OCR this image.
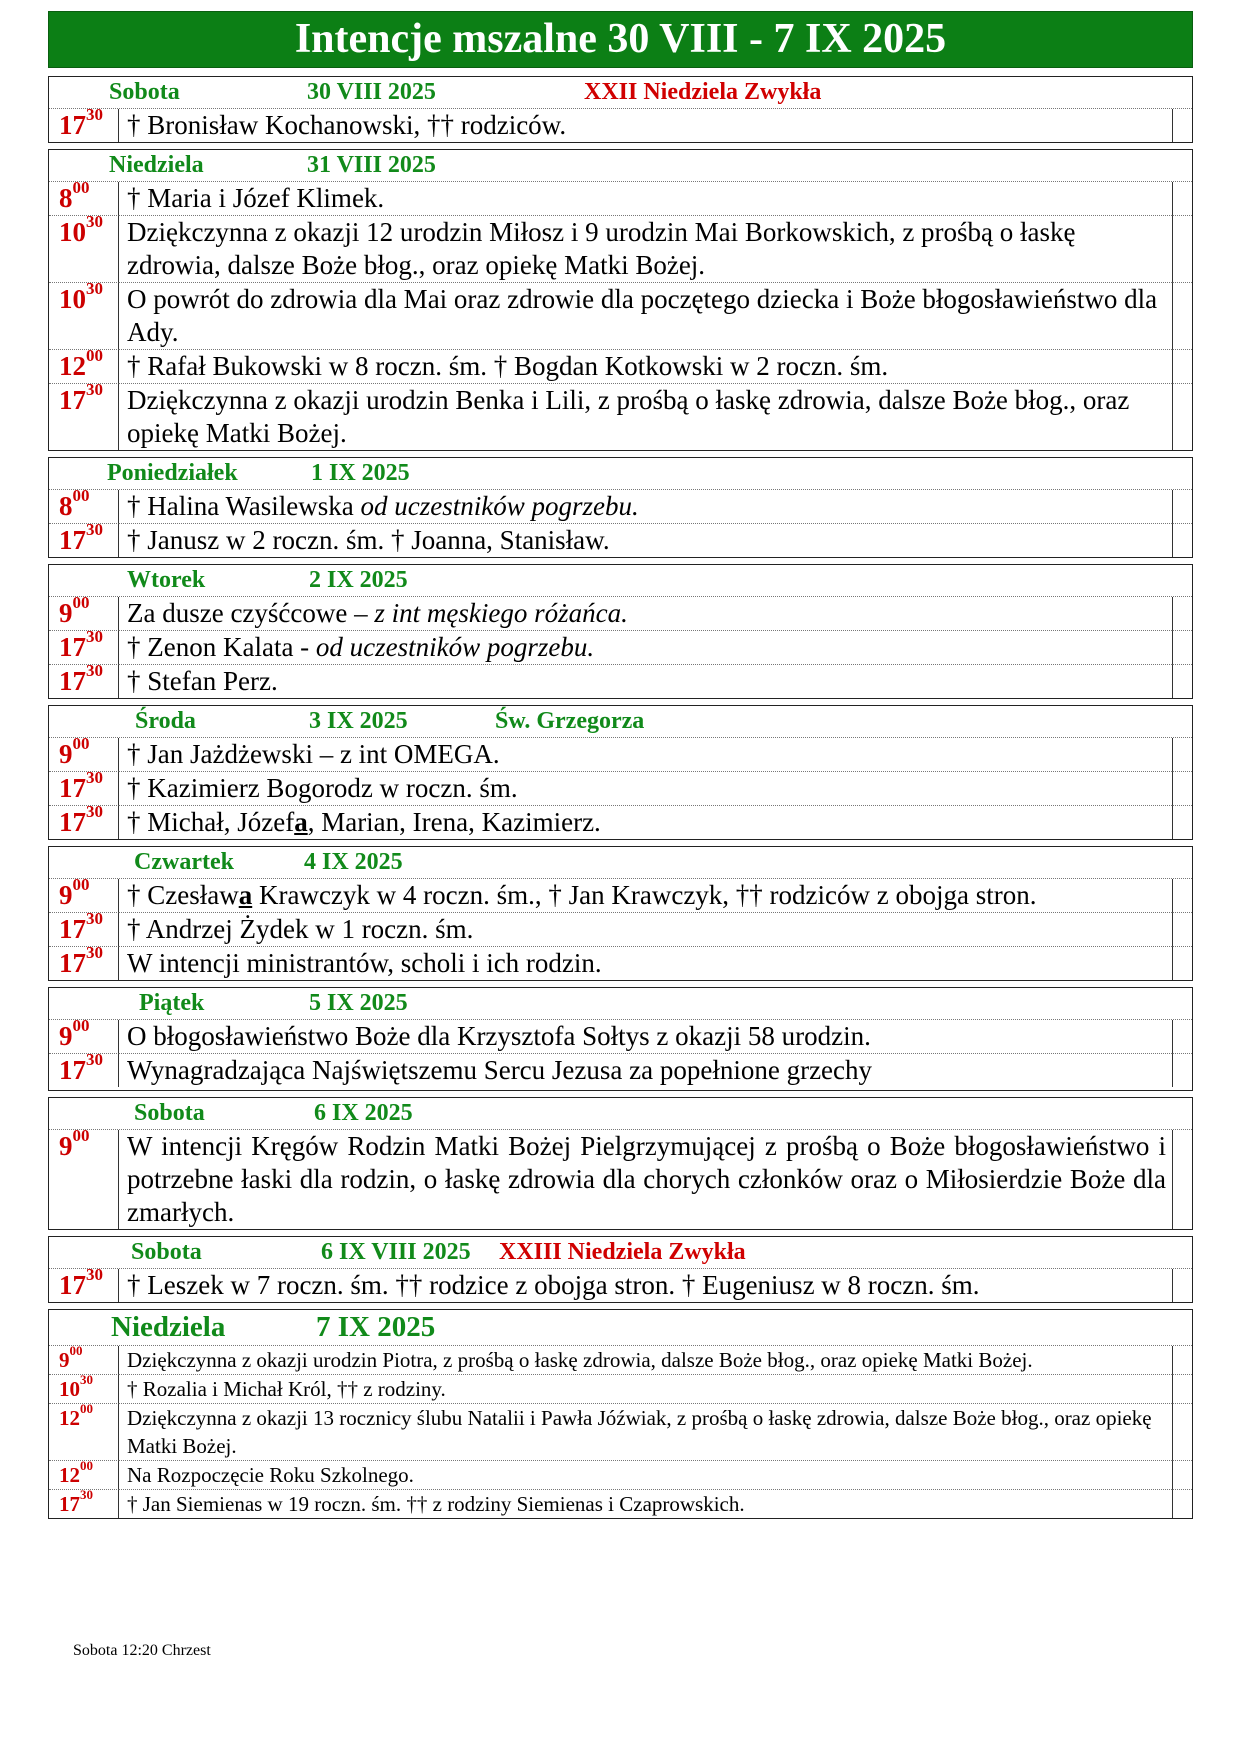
Intencje mszalne 30 VIII - 7 IX 2025
Sobota	30 VIII 2025	XXII Niedziela Zwykła
$17^{30}$ † Bronisław Kochanowski, †† rodziców.
Niedziela	31 VIII 2025
$8^{00}$	† Maria i Józef Klimek.
$10^{30}$ Dziękczynna z okazji 12 urodzin Miłosz i 9 urodzin Mai Borkowskich, z prośbą o łaskę zdrowia, dalsze Boże błog., oraz opiekę Matki Bożej.
$10^{30}$ O powrót do zdrowia dla Mai oraz zdrowie dla poczętego dziecka i Boże błogosławieństwo dla Ady.
$12^{00}$ † Rafał Bukowski w 8 roczn. śm. † Bogdan Kotkowski w 2 roczn. śm.
$17^{30}$ Dziękczynna z okazji urodzin Benka i Lili, z prośbą o łaskę zdrowia, dalsze Boże błog., oraz opiekę Matki Bożej.
Poniedziałek	1 IX 2025
$8^{00}$	† Halina Wasilewska od uczestników pogrzebu.
$17^{30}$ † Janusz w 2 roczn. śm. † Joanna, Stanisław.
Wtorek	2 IX 2025
$9^{00}$	Za dusze czyśćcowe – z int męskiego różańca.
$17^{30}$ † Zenon Kalata - od uczestników pogrzebu.
$17^{30}$ † Stefan Perz.
Środa	3 IX 2025	Św. Grzegorza
$9^{00}$	† Jan Jażdżewski – z int OMEGA.
$17^{30}$ † Kazimierz Bogorodz w roczn. śm.
$17^{30}$ † Michał, Józefa, Marian, Irena, Kazimierz.
Czwartek	4 IX 2025
$9^{00}$	† Czesława Krawczyk w 4 roczn. śm., † Jan Krawczyk, †† rodziców z obojga stron.
$17^{30}$ † Andrzej Żydek w 1 roczn. śm.
$17^{30}$ W intencji ministrantów, scholi i ich rodzin.
Piątek	5 IX 2025
$9^{00}$	O błogosławieństwo Boże dla Krzysztofa Sołtys z okazji 58 urodzin.
$17^{30}$ Wynagradzająca Najświętszemu Sercu Jezusa za popełnione grzechy
Sobota	6 IX 2025
$9^{00}$	W intencji Kręgów Rodzin Matki Bożej Pielgrzymującej z prośbą o Boże błogosławieństwo i potrzebne łaski dla rodzin, o łaskę zdrowia dla chorych członków oraz o Miłosierdzie Boże dla zmarłych.
Sobota	6 IX VIII 2025 XXIII Niedziela Zwykła
$17^{30}$ † Leszek w 7 roczn. śm. †† rodzice z obojga stron. † Eugeniusz w 8 roczn. śm.
Niedziela	7 IX 2025
$9^{00}$	Dziękczynna z okazji urodzin Piotra, z prośbą o łaskę zdrowia, dalsze Boże błog., oraz opiekę Matki Bożej.
$10^{30}$	† Rozalia i Michał Król, †† z rodziny.
$12^{00}$	Dziękczynna z okazji 13 rocznicy ślubu Natalii i Pawła Jóźwiak, z prośbą o łaskę zdrowia, dalsze Boże błog., oraz opiekę Matki Bożej.
$12^{00}$	Na Rozpoczęcie Roku Szkolnego.
$17^{30}$	† Jan Siemienas w 19 roczn. śm. †† z rodziny Siemienas i Czaprowskich.
Sobota 12:20 Chrzest
